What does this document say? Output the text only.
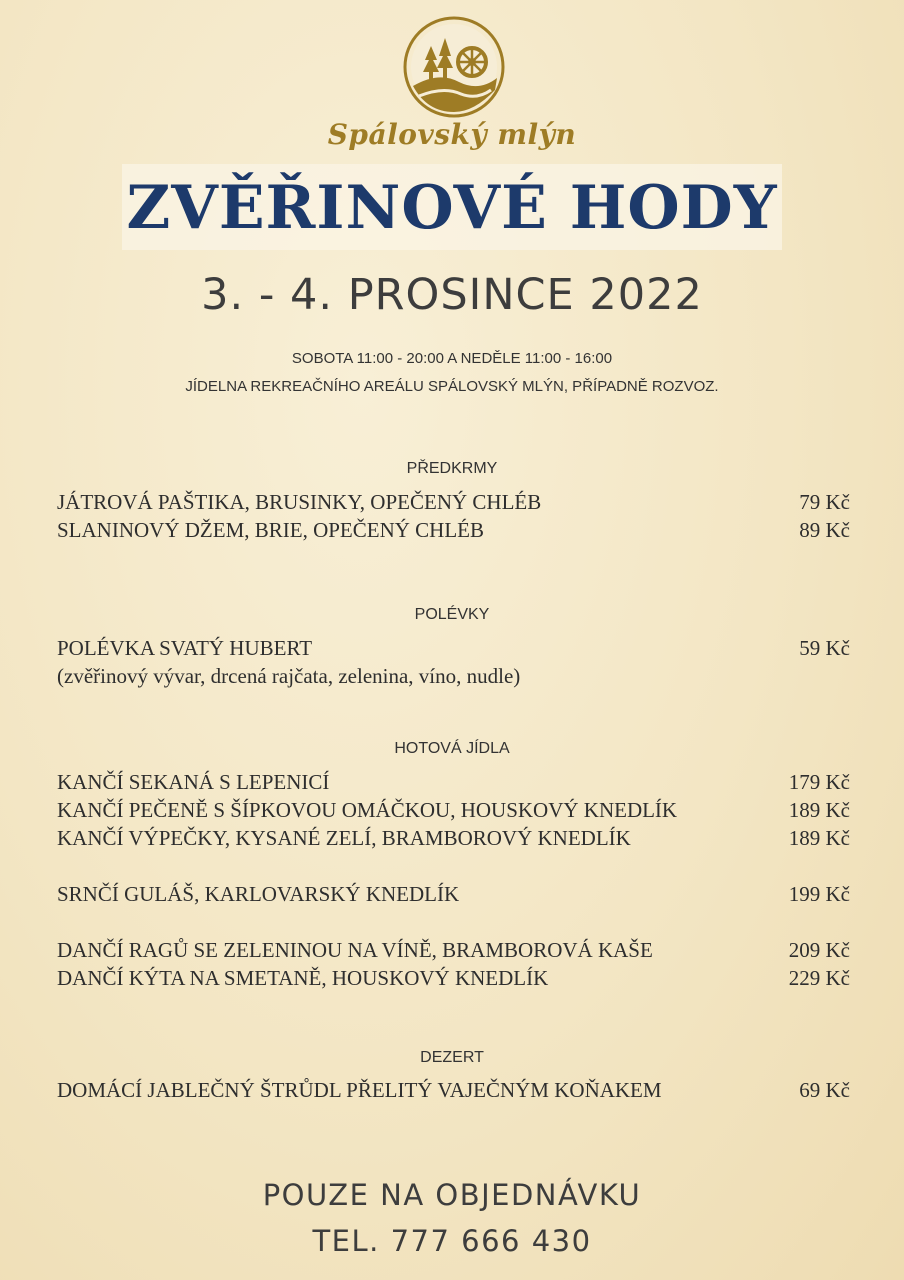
Spálovský mlýn
ZVĚŘINOVÉ HODY
3. - 4. PROSINCE 2022
SOBOTA 11:00 - 20:00 A NEDĚLE 11:00 - 16:00
JÍDELNA REKREAČNÍHO AREÁLU SPÁLOVSKÝ MLÝN, PŘÍPADNĚ ROZVOZ.
PŘEDKRMY
JÁTROVÁ PAŠTIKA, BRUSINKY, OPEČENÝ CHLÉB	79 Kč
SLANINOVÝ DŽEM, BRIE, OPEČENÝ CHLÉB	89 Kč
POLÉVKY
POLÉVKA SVATÝ HUBERT	59 Kč
(zvěřinový vývar, drcená rajčata, zelenina, víno, nudle)
HOTOVÁ JÍDLA
KANČÍ SEKANÁ S LEPENICÍ	179 Kč
KANČÍ PEČENĚ S ŠÍPKOVOU OMÁČKOU, HOUSKOVÝ KNEDLÍK	189 Kč
KANČÍ VÝPEČKY, KYSANÉ ZELÍ, BRAMBOROVÝ KNEDLÍK	189 Kč
SRNČÍ GULÁŠ, KARLOVARSKÝ KNEDLÍK	199 Kč
DANČÍ RAGŮ SE ZELENINOU NA VÍNĚ, BRAMBOROVÁ KAŠE	209 Kč
DANČÍ KÝTA NA SMETANĚ, HOUSKOVÝ KNEDLÍK	229 Kč
DEZERT
DOMÁCÍ JABLEČNÝ ŠTRŮDL PŘELITÝ VAJEČNÝM KOŇAKEM	69 Kč
POUZE NA OBJEDNÁVKU
TEL. 777 666 430
